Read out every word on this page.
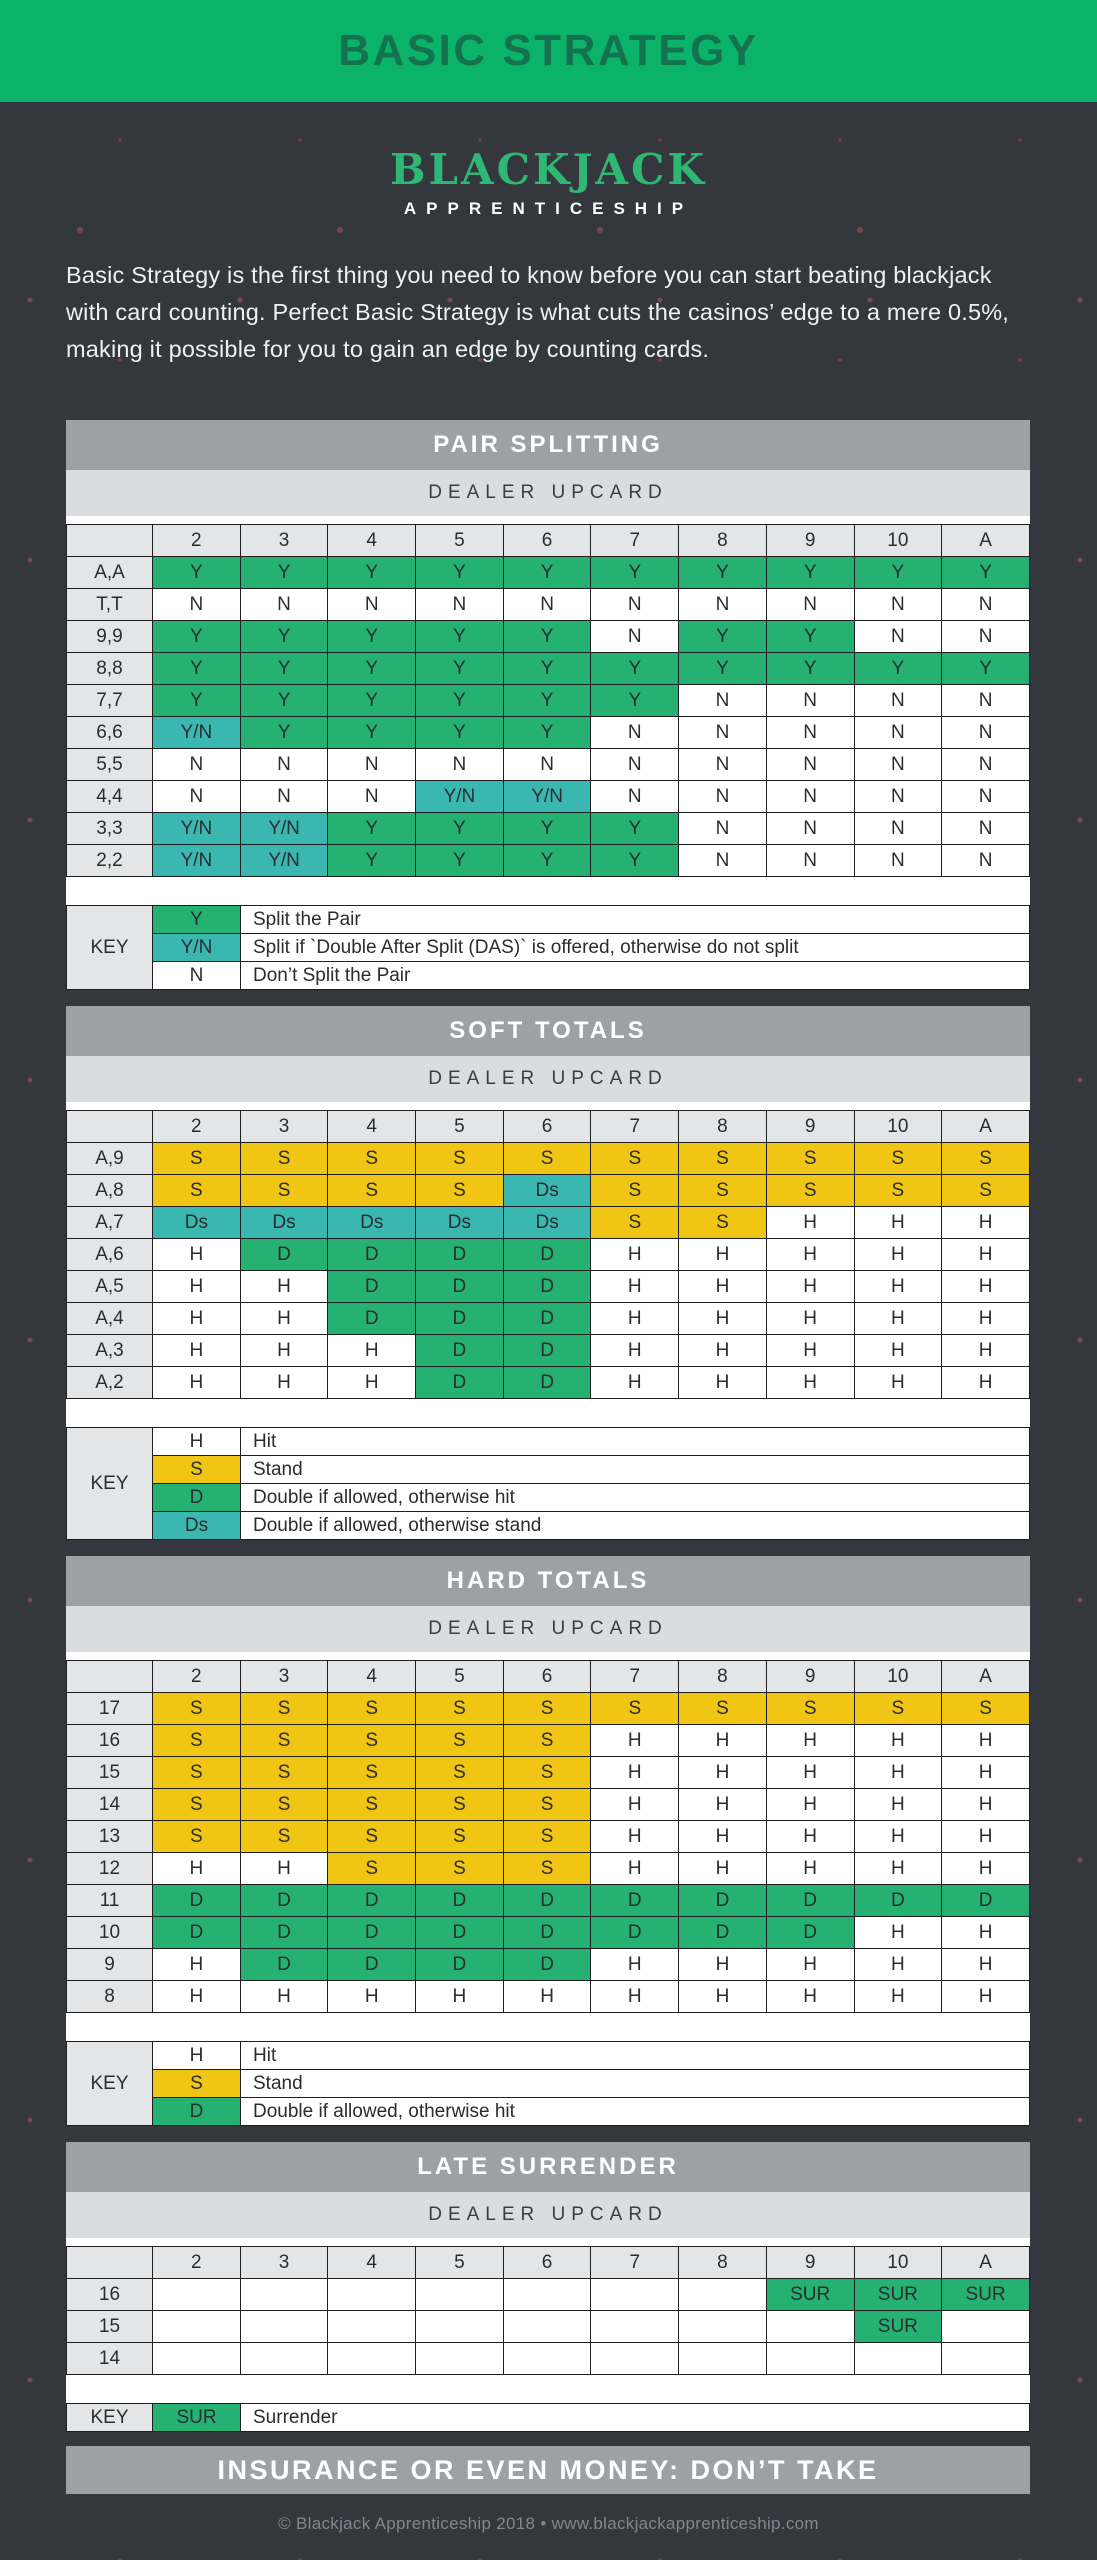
BASIC STRATEGY
BLACKJACK
APPRENTICESHIP
Basic Strategy is the first thing you need to know before you can start beating blackjack with card counting. Perfect Basic Strategy is what cuts the casinos’ edge to a mere 0.5%, making it possible for you to gain an edge by counting cards.
PAIR SPLITTING
DEALER UPCARD
	2	3	4	5	6	7	8	9	10	A
A,A	Y	Y	Y	Y	Y	Y	Y	Y	Y	Y
T,T	N	N	N	N	N	N	N	N	N	N
9,9	Y	Y	Y	Y	Y	N	Y	Y	N	N
8,8	Y	Y	Y	Y	Y	Y	Y	Y	Y	Y
7,7	Y	Y	Y	Y	Y	Y	N	N	N	N
6,6	Y/N	Y	Y	Y	Y	N	N	N	N	N
5,5	N	N	N	N	N	N	N	N	N	N
4,4	N	N	N	Y/N	Y/N	N	N	N	N	N
3,3	Y/N	Y/N	Y	Y	Y	Y	N	N	N	N
2,2	Y/N	Y/N	Y	Y	Y	Y	N	N	N	N
KEY	Y	Split the Pair
	Y/N	Split if `Double After Split (DAS)` is offered, otherwise do not split
	N	Don’t Split the Pair
SOFT TOTALS
DEALER UPCARD
	2	3	4	5	6	7	8	9	10	A
A,9	S	S	S	S	S	S	S	S	S	S
A,8	S	S	S	S	Ds	S	S	S	S	S
A,7	Ds	Ds	Ds	Ds	Ds	S	S	H	H	H
A,6	H	D	D	D	D	H	H	H	H	H
A,5	H	H	D	D	D	H	H	H	H	H
A,4	H	H	D	D	D	H	H	H	H	H
A,3	H	H	H	D	D	H	H	H	H	H
A,2	H	H	H	D	D	H	H	H	H	H
KEY	H	Hit
	S	Stand
	D	Double if allowed, otherwise hit
	Ds	Double if allowed, otherwise stand
HARD TOTALS
DEALER UPCARD
	2	3	4	5	6	7	8	9	10	A
17	S	S	S	S	S	S	S	S	S	S
16	S	S	S	S	S	H	H	H	H	H
15	S	S	S	S	S	H	H	H	H	H
14	S	S	S	S	S	H	H	H	H	H
13	S	S	S	S	S	H	H	H	H	H
12	H	H	S	S	S	H	H	H	H	H
11	D	D	D	D	D	D	D	D	D	D
10	D	D	D	D	D	D	D	D	H	H
9	H	D	D	D	D	H	H	H	H	H
8	H	H	H	H	H	H	H	H	H	H
KEY	H	Hit
	S	Stand
	D	Double if allowed, otherwise hit
LATE SURRENDER
DEALER UPCARD
	2	3	4	5	6	7	8	9	10	A
16								SUR	SUR	SUR
15									SUR	
14										
KEY	SUR	Surrender
INSURANCE OR EVEN MONEY: DON’T TAKE
© Blackjack Apprenticeship 2018 • www.blackjackapprenticeship.com
